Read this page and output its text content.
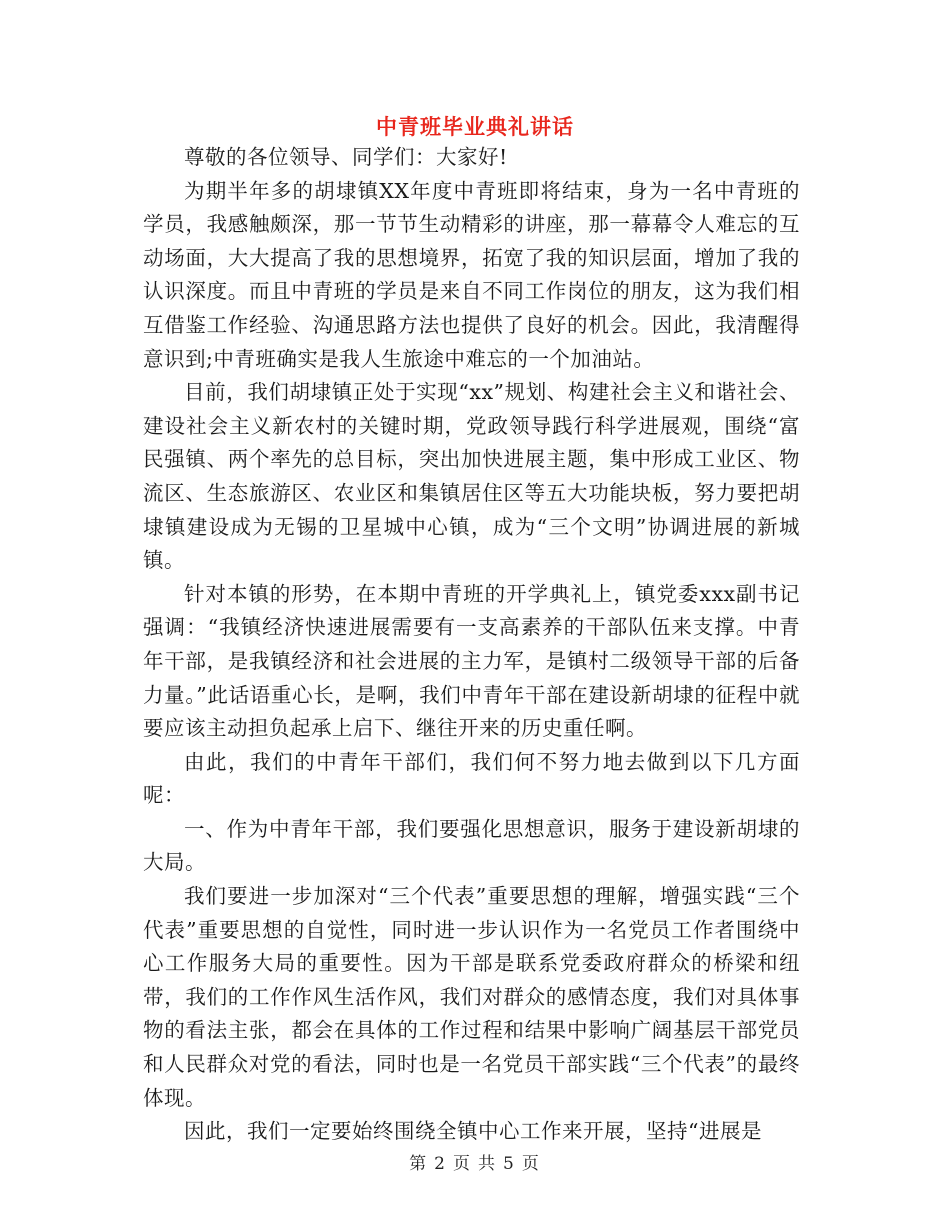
中青班毕业典礼讲话

尊敬的各位领导、同学们：大家好!

为期半年多的胡埭镇XX年度中青班即将结束，身为一名中青班的学员，我感触颇深，那一节节生动精彩的讲座，那一幕幕令人难忘的互动场面，大大提高了我的思想境界，拓宽了我的知识层面，增加了我的认识深度。而且中青班的学员是来自不同工作岗位的朋友，这为我们相互借鉴工作经验、沟通思路方法也提供了良好的机会。因此，我清醒得意识到;中青班确实是我人生旅途中难忘的一个加油站。

目前，我们胡埭镇正处于实现“xx”规划、构建社会主义和谐社会、建设社会主义新农村的关键时期，党政领导践行科学进展观，围绕“富民强镇、两个率先的总目标，突出加快进展主题，集中形成工业区、物流区、生态旅游区、农业区和集镇居住区等五大功能块板，努力要把胡埭镇建设成为无锡的卫星城中心镇，成为“三个文明”协调进展的新城镇。

针对本镇的形势，在本期中青班的开学典礼上，镇党委xxx副书记强调：“我镇经济快速进展需要有一支高素养的干部队伍来支撑。中青年干部，是我镇经济和社会进展的主力军，是镇村二级领导干部的后备力量。”此话语重心长，是啊，我们中青年干部在建设新胡埭的征程中就要应该主动担负起承上启下、继往开来的历史重任啊。

由此，我们的中青年干部们，我们何不努力地去做到以下几方面呢：

一、作为中青年干部，我们要强化思想意识，服务于建设新胡埭的大局。

我们要进一步加深对“三个代表”重要思想的理解，增强实践“三个代表”重要思想的自觉性，同时进一步认识作为一名党员工作者围绕中心工作服务大局的重要性。因为干部是联系党委政府群众的桥梁和纽带，我们的工作作风生活作风，我们对群众的感情态度，我们对具体事物的看法主张，都会在具体的工作过程和结果中影响广阔基层干部党员和人民群众对党的看法，同时也是一名党员干部实践“三个代表”的最终体现。

因此，我们一定要始终围绕全镇中心工作来开展，坚持“进展是

第 2 页 共 5 页
